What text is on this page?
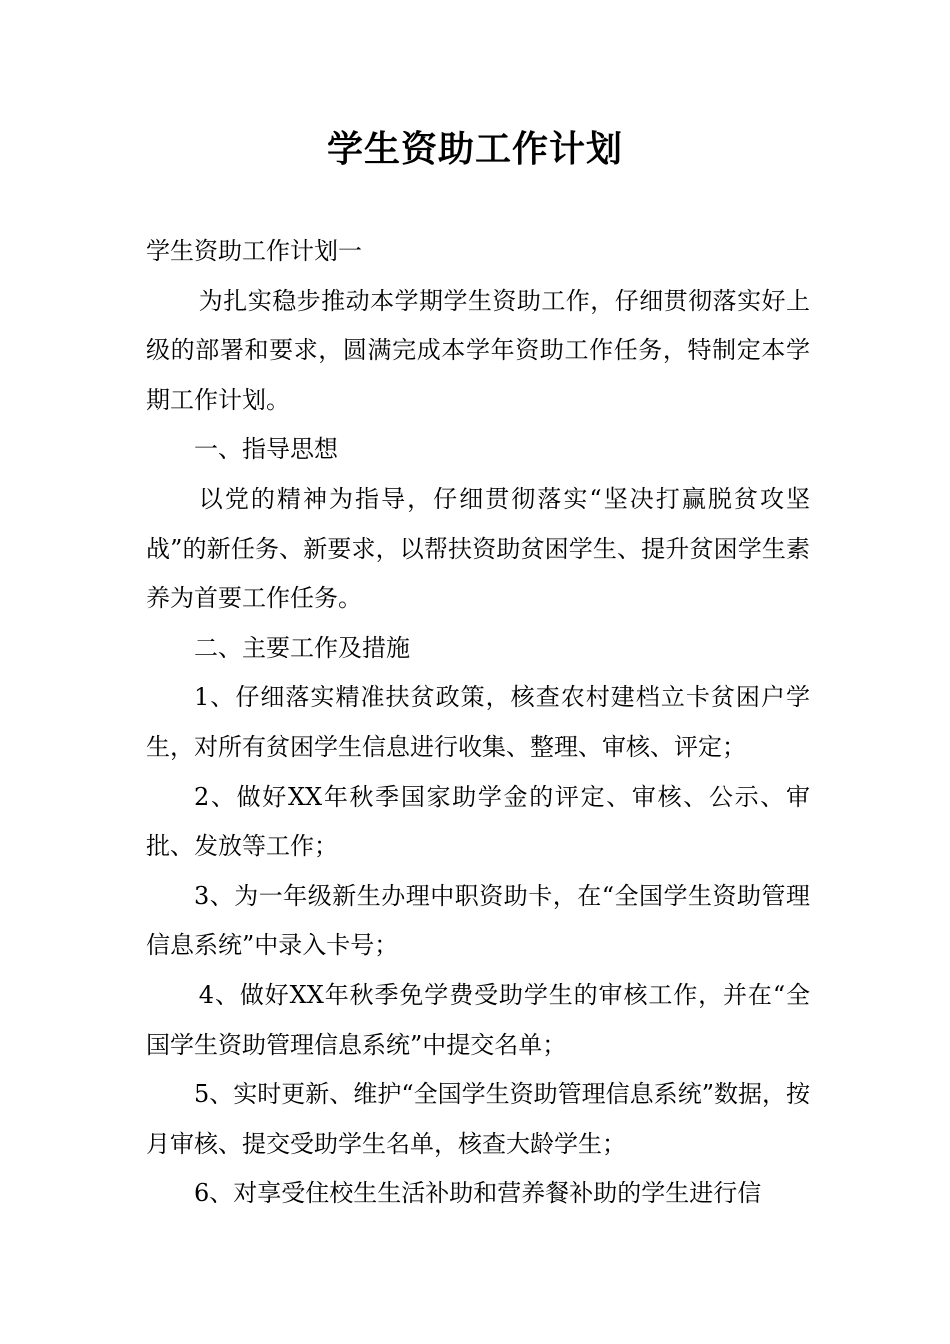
学生资助工作计划

学生资助工作计划一

为扎实稳步推动本学期学生资助工作，仔细贯彻落实好上级的部署和要求，圆满完成本学年资助工作任务，特制定本学期工作计划。

一、指导思想

以党的精神为指导，仔细贯彻落实“坚决打赢脱贫攻坚战”的新任务、新要求，以帮扶资助贫困学生、提升贫困学生素养为首要工作任务。

二、主要工作及措施

1、仔细落实精准扶贫政策，核查农村建档立卡贫困户学生，对所有贫困学生信息进行收集、整理、审核、评定；

2、做好XX年秋季国家助学金的评定、审核、公示、审批、发放等工作；

3、为一年级新生办理中职资助卡，在“全国学生资助管理信息系统”中录入卡号；

4、做好XX年秋季免学费受助学生的审核工作，并在“全国学生资助管理信息系统”中提交名单；

5、实时更新、维护“全国学生资助管理信息系统”数据，按月审核、提交受助学生名单，核查大龄学生；

6、对享受住校生生活补助和营养餐补助的学生进行信
